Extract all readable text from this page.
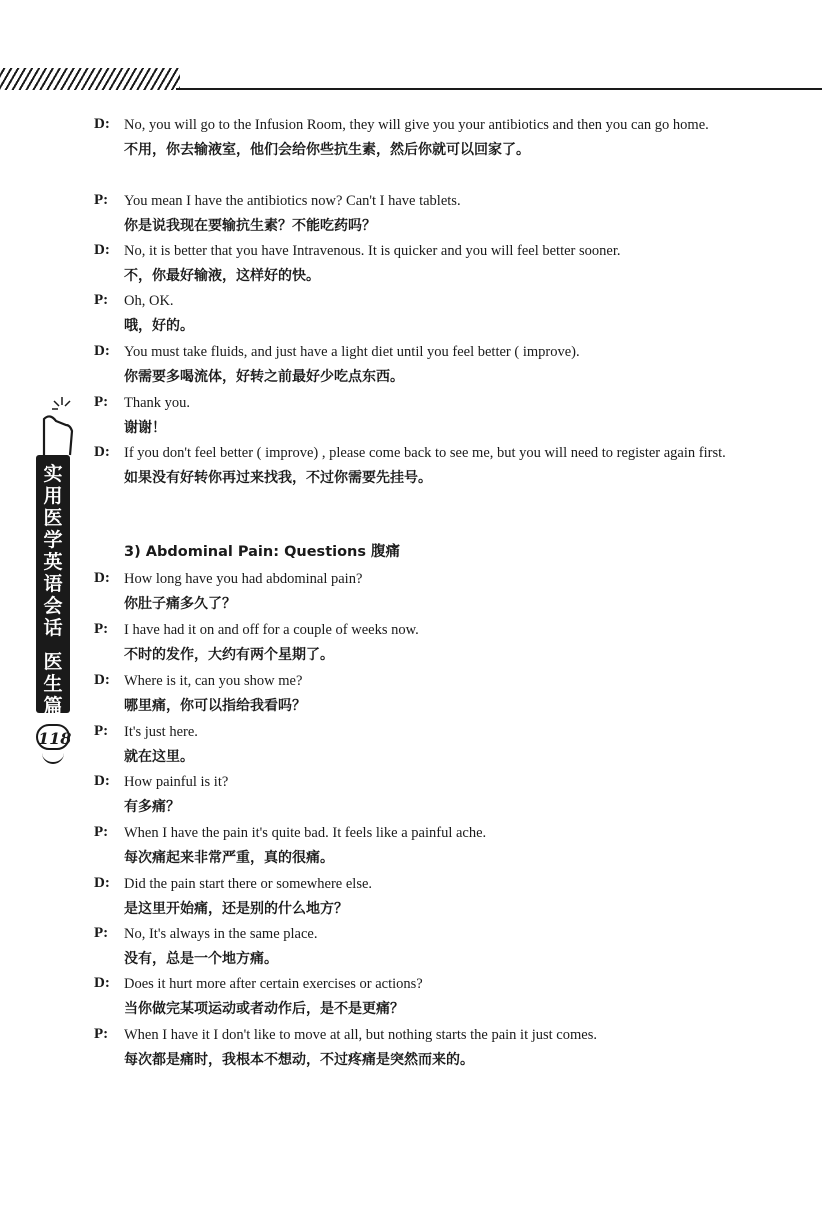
实
用
医
学
英
语
会
话
医
生
篇
118
D: No, you will go to the Infusion Room, they will give you your antibiotics and then you can go home.
不用，你去输液室，他们会给你些抗生素，然后你就可以回家了。
P:	You mean I have the antibiotics now? Can't I have tablets.
你是说我现在要输抗生素？不能吃药吗？
D: No, it is better that you have Intravenous. It is quicker and you will feel better sooner.
不，你最好输液，这样好的快。
P:	Oh, OK.
哦，好的。
D: You must take fluids, and just have a light diet until you feel better ( improve).
你需要多喝流体，好转之前最好少吃点东西。
P:	Thank you.
谢谢！
D: If you don't feel better ( improve) , please come back to see me, but you will need to register again first.
如果没有好转你再过来找我，不过你需要先挂号。
3) Abdominal Pain: Questions 腹痛
D: How long have you had abdominal pain?
你肚子痛多久了？
P:	I have had it on and off for a couple of weeks now.
不时的发作，大约有两个星期了。
D: Where is it, can you show me?
哪里痛，你可以指给我看吗？
P:	It's just here.
就在这里。
D: How painful is it?
有多痛？
P:	When I have the pain it's quite bad. It feels like a painful ache.
每次痛起来非常严重，真的很痛。
D: Did the pain start there or somewhere else.
是这里开始痛，还是别的什么地方？
P:	No, It's always in the same place.
没有，总是一个地方痛。
D: Does it hurt more after certain exercises or actions?
当你做完某项运动或者动作后，是不是更痛？
P:	When I have it I don't like to move at all, but nothing starts the pain it just comes.
每次都是痛时，我根本不想动，不过疼痛是突然而来的。
